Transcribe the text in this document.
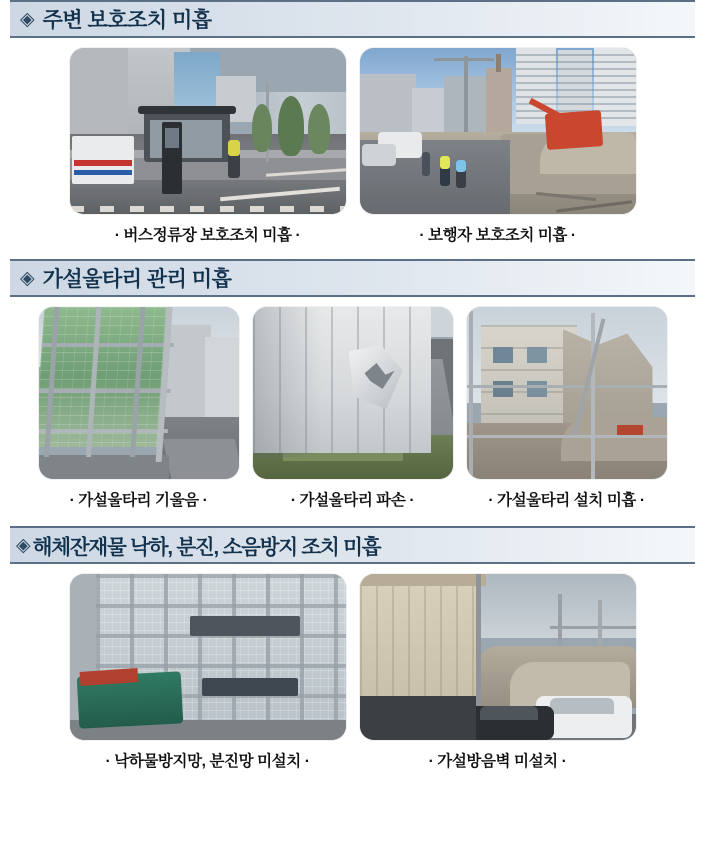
◈ 주변 보호조치 미흡
· 버스정류장 보호조치 미흡 ·	· 보행자 보호조치 미흡 ·
◈ 가설울타리 관리 미흡
· 가설울타리 기울음 ·	· 가설울타리 파손 ·	· 가설울타리 설치 미흡 ·
◈ 해체잔재물 낙하, 분진, 소음방지 조치 미흡
· 낙하물방지망, 분진망 미설치 ·	· 가설방음벽 미설치 ·
